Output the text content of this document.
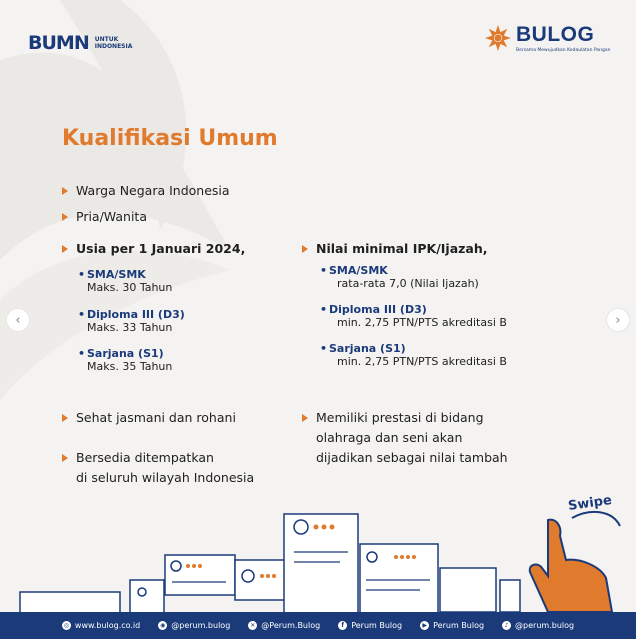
BUMN UNTUK INDONESIA
BULOG
Bersama Mewujudkan Kedaulatan Pangan
Kualifikasi Umum
Warga Negara Indonesia
Pria/Wanita
Usia per 1 Januari 2024,
• SMA/SMK
Maks. 30 Tahun
• Diploma III (D3)
Maks. 33 Tahun
• Sarjana (S1)
Maks. 35 Tahun
Nilai minimal IPK/Ijazah,
• SMA/SMK
rata-rata 7,0 (Nilai Ijazah)
• Diploma III (D3)
min. 2,75 PTN/PTS akreditasi B
• Sarjana (S1)
min. 2,75 PTN/PTS akreditasi B
Sehat jasmani dan rohani
Bersedia ditempatkan
di seluruh wilayah Indonesia
Memiliki prestasi di bidang
olahraga dan seni akan
dijadikan sebagai nilai tambah
‹	›
Swipe
◎ www.bulog.co.id	◉ @perum.bulog	✕ @Perum.Bulog	f Perum Bulog	▶ Perum Bulog	♪ @perum.bulog
